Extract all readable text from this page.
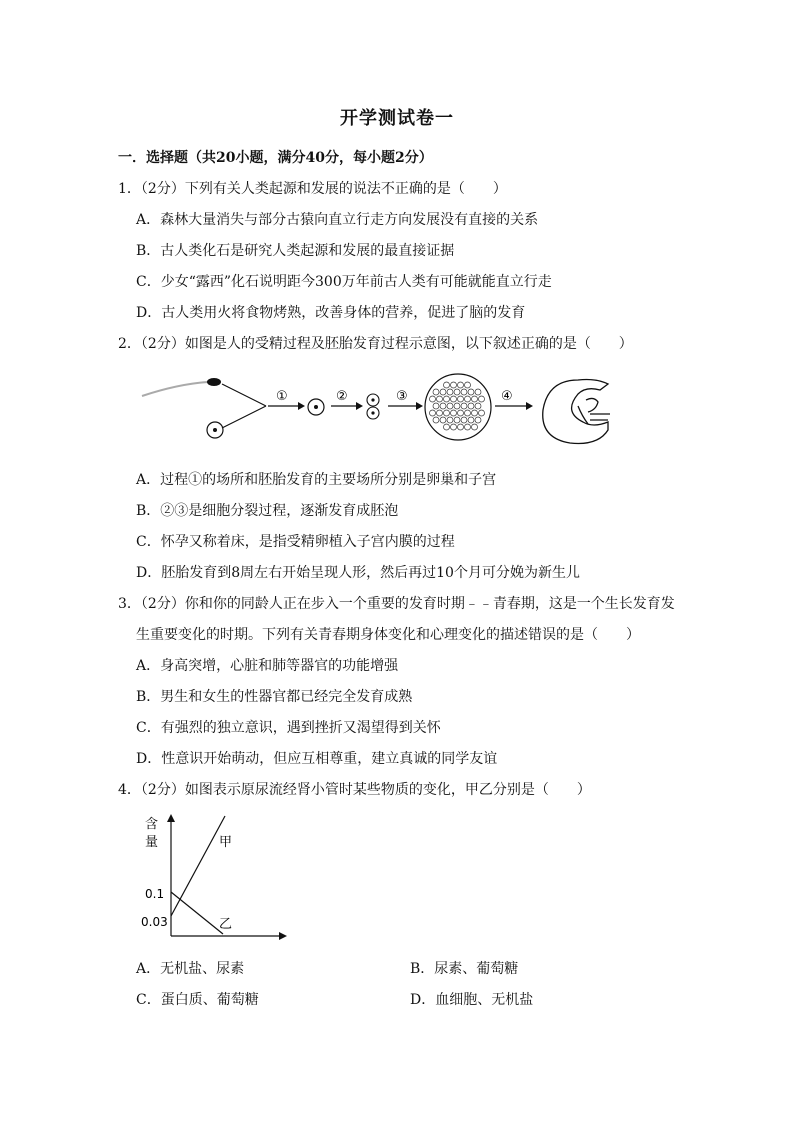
开学测试卷一
一．选择题（共20小题，满分40分，每小题2分）
1．（2分）下列有关人类起源和发展的说法不正确的是（　　）
A．森林大量消失与部分古猿向直立行走方向发展没有直接的关系
B．古人类化石是研究人类起源和发展的最直接证据
C．少女“露西”化石说明距今300万年前古人类有可能就能直立行走
D．古人类用火将食物烤熟，改善身体的营养，促进了脑的发育
2．（2分）如图是人的受精过程及胚胎发育过程示意图，以下叙述正确的是（　　）
①	②	③	④
A．过程①的场所和胚胎发育的主要场所分别是卵巢和子宫
B．②③是细胞分裂过程，逐渐发育成胚泡
C．怀孕又称着床，是指受精卵植入子宫内膜的过程
D．胚胎发育到8周左右开始呈现人形，然后再过10个月可分娩为新生儿
3．（2分）你和你的同龄人正在步入一个重要的发育时期﹣﹣青春期，这是一个生长发育发
生重要变化的时期。下列有关青春期身体变化和心理变化的描述错误的是（　　）
A．身高突增，心脏和肺等器官的功能增强
B．男生和女生的性器官都已经完全发育成熟
C．有强烈的独立意识，遇到挫折又渴望得到关怀
D．性意识开始萌动，但应互相尊重，建立真诚的同学友谊
4．（2分）如图表示原尿流经肾小管时某些物质的变化，甲乙分别是（　　）
含
量
0.1
0.03
甲
乙
A．无机盐、尿素	B．尿素、葡萄糖
C．蛋白质、葡萄糖	D．血细胞、无机盐
